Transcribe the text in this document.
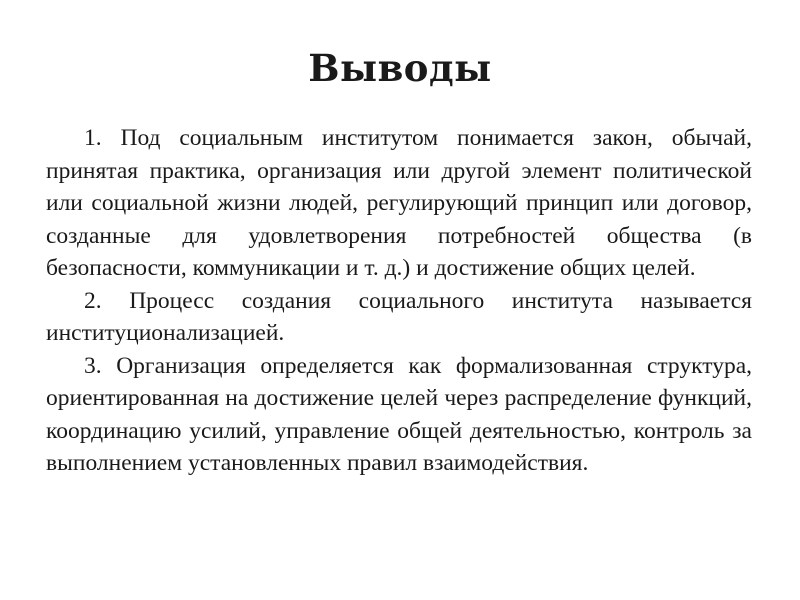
Выводы

1. Под социальным институтом понимается закон, обычай, принятая практика, организация или другой элемент политической или социальной жизни людей, регулирующий принцип или договор, созданные для удовлетворения потребностей общества (в безопасности, коммуникации и т. д.) и достижение общих целей.

2. Процесс создания социального института называется институционализацией.

3. Организация определяется как формализованная структура, ориентированная на достижение целей через распределение функций, координацию усилий, управление общей деятельностью, контроль за выполнением установленных правил взаимодействия.
